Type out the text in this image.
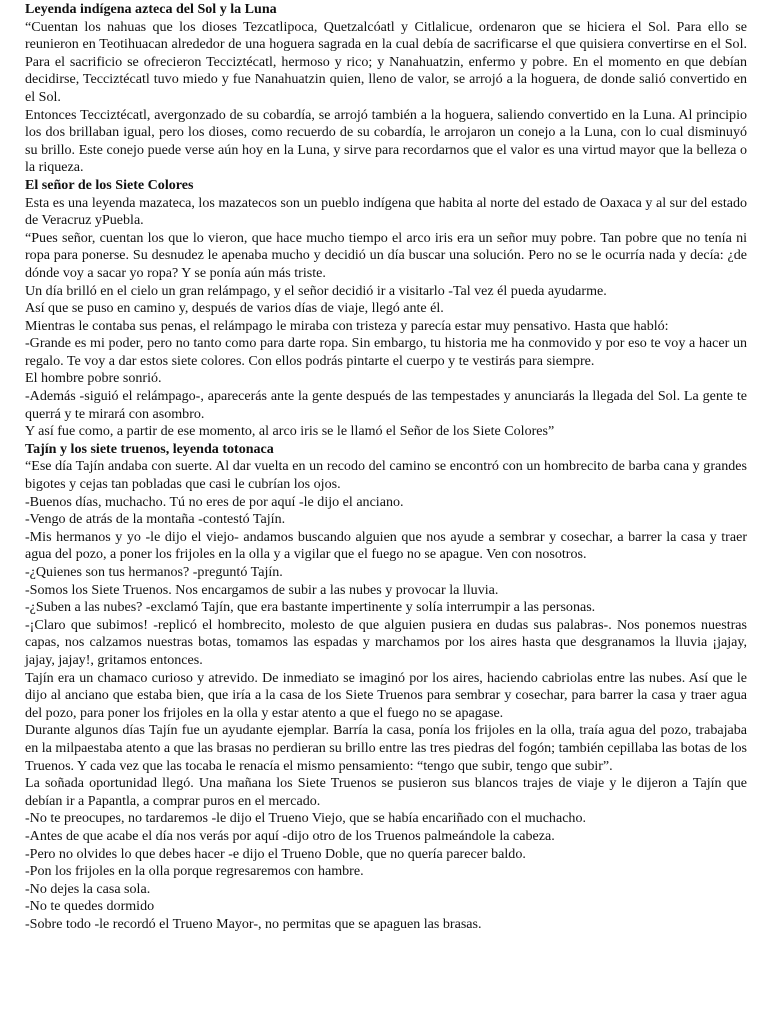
Leyenda indígena azteca del Sol y la Luna

“Cuentan los nahuas que los dioses Tezcatlipoca, Quetzalcóatl y Citlalicue, ordenaron que se hiciera el Sol. Para ello se reunieron en Teotihuacan alrededor de una hoguera sagrada en la cual debía de sacrificarse el que quisiera convertirse en el Sol. Para el sacrificio se ofrecieron Tecciztécatl, hermoso y rico; y Nanahuatzin, enfermo y pobre. En el momento en que debían decidirse, Tecciztécatl tuvo miedo y fue Nanahuatzin quien, lleno de valor, se arrojó a la hoguera, de donde salió convertido en el Sol.

Entonces Tecciztécatl, avergonzado de su cobardía, se arrojó también a la hoguera, saliendo convertido en la Luna. Al principio los dos brillaban igual, pero los dioses, como recuerdo de su cobardía, le arrojaron un conejo a la Luna, con lo cual disminuyó su brillo. Este conejo puede verse aún hoy en la Luna, y sirve para recordarnos que el valor es una virtud mayor que la belleza o la riqueza.

El señor de los Siete Colores

Esta es una leyenda mazateca, los mazatecos son un pueblo indígena que habita al norte del estado de Oaxaca y al sur del estado de Veracruz yPuebla.

“Pues señor, cuentan los que lo vieron, que hace mucho tiempo el arco iris era un señor muy pobre. Tan pobre que no tenía ni ropa para ponerse. Su desnudez le apenaba mucho y decidió un día buscar una solución. Pero no se le ocurría nada y decía: ¿de dónde voy a sacar yo ropa? Y se ponía aún más triste.

Un día brilló en el cielo un gran relámpago, y el señor decidió ir a visitarlo -Tal vez él pueda ayudarme.

Así que se puso en camino y, después de varios días de viaje, llegó ante él.

Mientras le contaba sus penas, el relámpago le miraba con tristeza y parecía estar muy pensativo. Hasta que habló:

-Grande es mi poder, pero no tanto como para darte ropa. Sin embargo, tu historia me ha conmovido y por eso te voy a hacer un regalo. Te voy a dar estos siete colores. Con ellos podrás pintarte el cuerpo y te vestirás para siempre.

El hombre pobre sonrió.

-Además -siguió el relámpago-, aparecerás ante la gente después de las tempestades y anunciarás la llegada del Sol. La gente te querrá y te mirará con asombro.

Y así fue como, a partir de ese momento, al arco iris se le llamó el Señor de los Siete Colores”

Tajín y los siete truenos, leyenda totonaca

“Ese día Tajín andaba con suerte. Al dar vuelta en un recodo del camino se encontró con un hombrecito de barba cana y grandes bigotes y cejas tan pobladas que casi le cubrían los ojos.

-Buenos días, muchacho. Tú no eres de por aquí -le dijo el anciano.

-Vengo de atrás de la montaña -contestó Tajín.

-Mis hermanos y yo -le dijo el viejo- andamos buscando alguien que nos ayude a sembrar y cosechar, a barrer la casa y traer agua del pozo, a poner los frijoles en la olla y a vigilar que el fuego no se apague. Ven con nosotros.

-¿Quienes son tus hermanos? -preguntó Tajín.

-Somos los Siete Truenos. Nos encargamos de subir a las nubes y provocar la lluvia.

-¿Suben a las nubes? -exclamó Tajín, que era bastante impertinente y solía interrumpir a las personas.

-¡Claro que subimos! -replicó el hombrecito, molesto de que alguien pusiera en dudas sus palabras-. Nos ponemos nuestras capas, nos calzamos nuestras botas, tomamos las espadas y marchamos por los aires hasta que desgranamos la lluvia ¡jajay, jajay, jajay!, gritamos entonces.

Tajín era un chamaco curioso y atrevido. De inmediato se imaginó por los aires, haciendo cabriolas entre las nubes. Así que le dijo al anciano que estaba bien, que iría a la casa de los Siete Truenos para sembrar y cosechar, para barrer la casa y traer agua del pozo, para poner los frijoles en la olla y estar atento a que el fuego no se apagase.

Durante algunos días Tajín fue un ayudante ejemplar. Barría la casa, ponía los frijoles en la olla, traía agua del pozo, trabajaba en la milpaestaba atento a que las brasas no perdieran su brillo entre las tres piedras del fogón; también cepillaba las botas de los Truenos. Y cada vez que las tocaba le renacía el mismo pensamiento: “tengo que subir, tengo que subir”.

La soñada oportunidad llegó. Una mañana los Siete Truenos se pusieron sus blancos trajes de viaje y le dijeron a Tajín que debían ir a Papantla, a comprar puros en el mercado.

-No te preocupes, no tardaremos -le dijo el Trueno Viejo, que se había encariñado con el muchacho.

-Antes de que acabe el día nos verás por aquí -dijo otro de los Truenos palmeándole la cabeza.

-Pero no olvides lo que debes hacer -e dijo el Trueno Doble, que no quería parecer baldo.

-Pon los frijoles en la olla porque regresaremos con hambre.

-No dejes la casa sola.

-No te quedes dormido

-Sobre todo -le recordó el Trueno Mayor-, no permitas que se apaguen las brasas.
